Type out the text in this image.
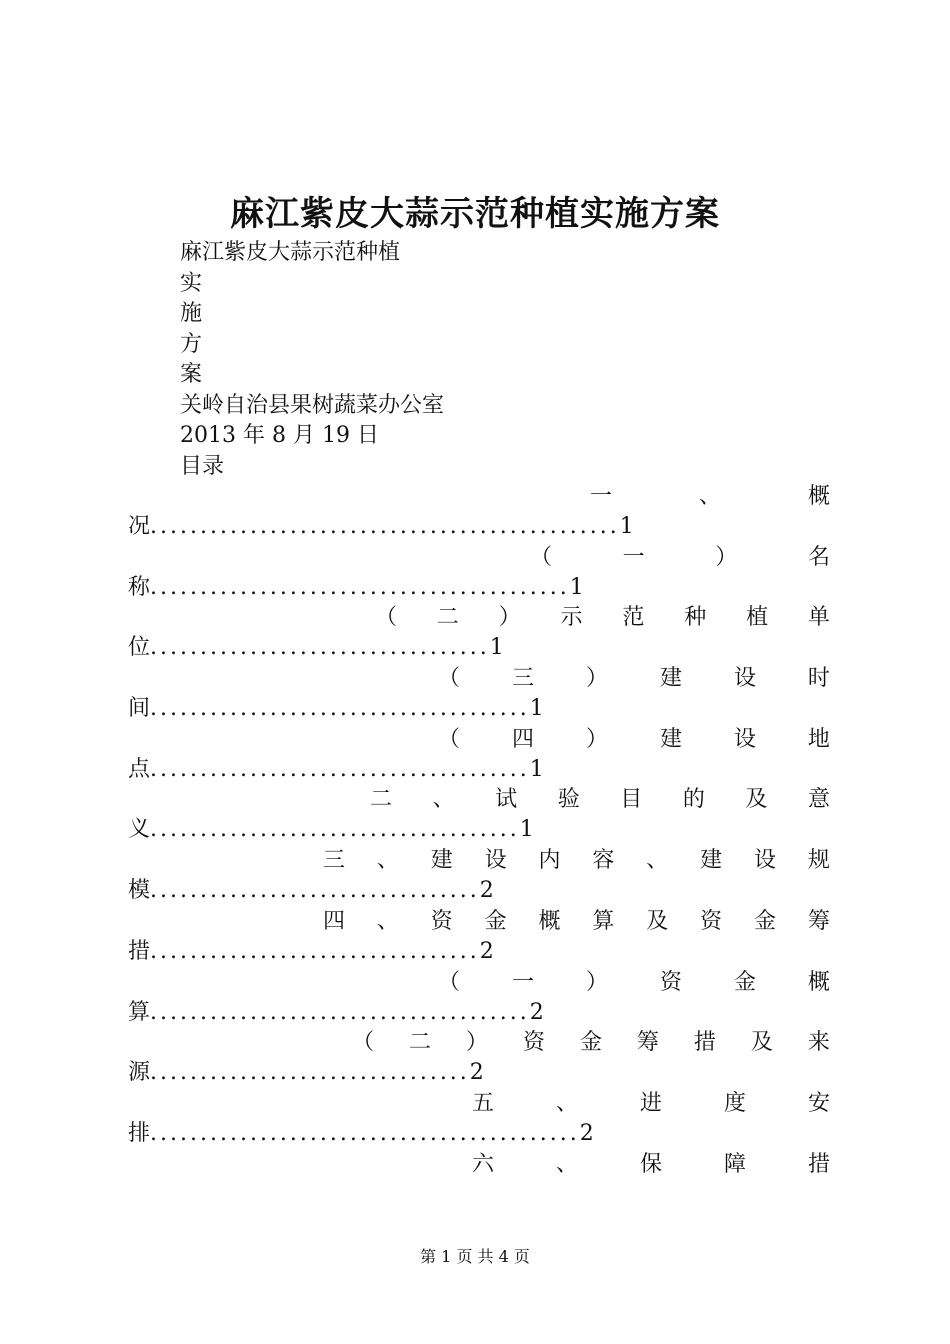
麻江紫皮大蒜示范种植实施方案
麻江紫皮大蒜示范种植
实
施
方
案
关岭自治县果树蔬菜办公室
2013 年 8 月 19 日
目录
一	、	概
况...............................................1
（	一	）	名
称..........................................1
（ 二 ） 示 范 种 植 单
位..................................1
（ 三 ） 建 设 时
间......................................1
（ 四 ） 建 设 地
点......................................1
二 、 试 验 目 的 及 意
义.....................................1
三 、 建 设 内 容 、 建 设 规
模.................................2
四 、 资 金 概 算 及 资 金 筹
措.................................2
（ 一 ） 资 金 概
算......................................2
（ 二 ） 资 金 筹 措 及 来
源................................2
五	、	进	度	安
排...........................................2
六	、	保	障	措
第 1 页 共 4 页
